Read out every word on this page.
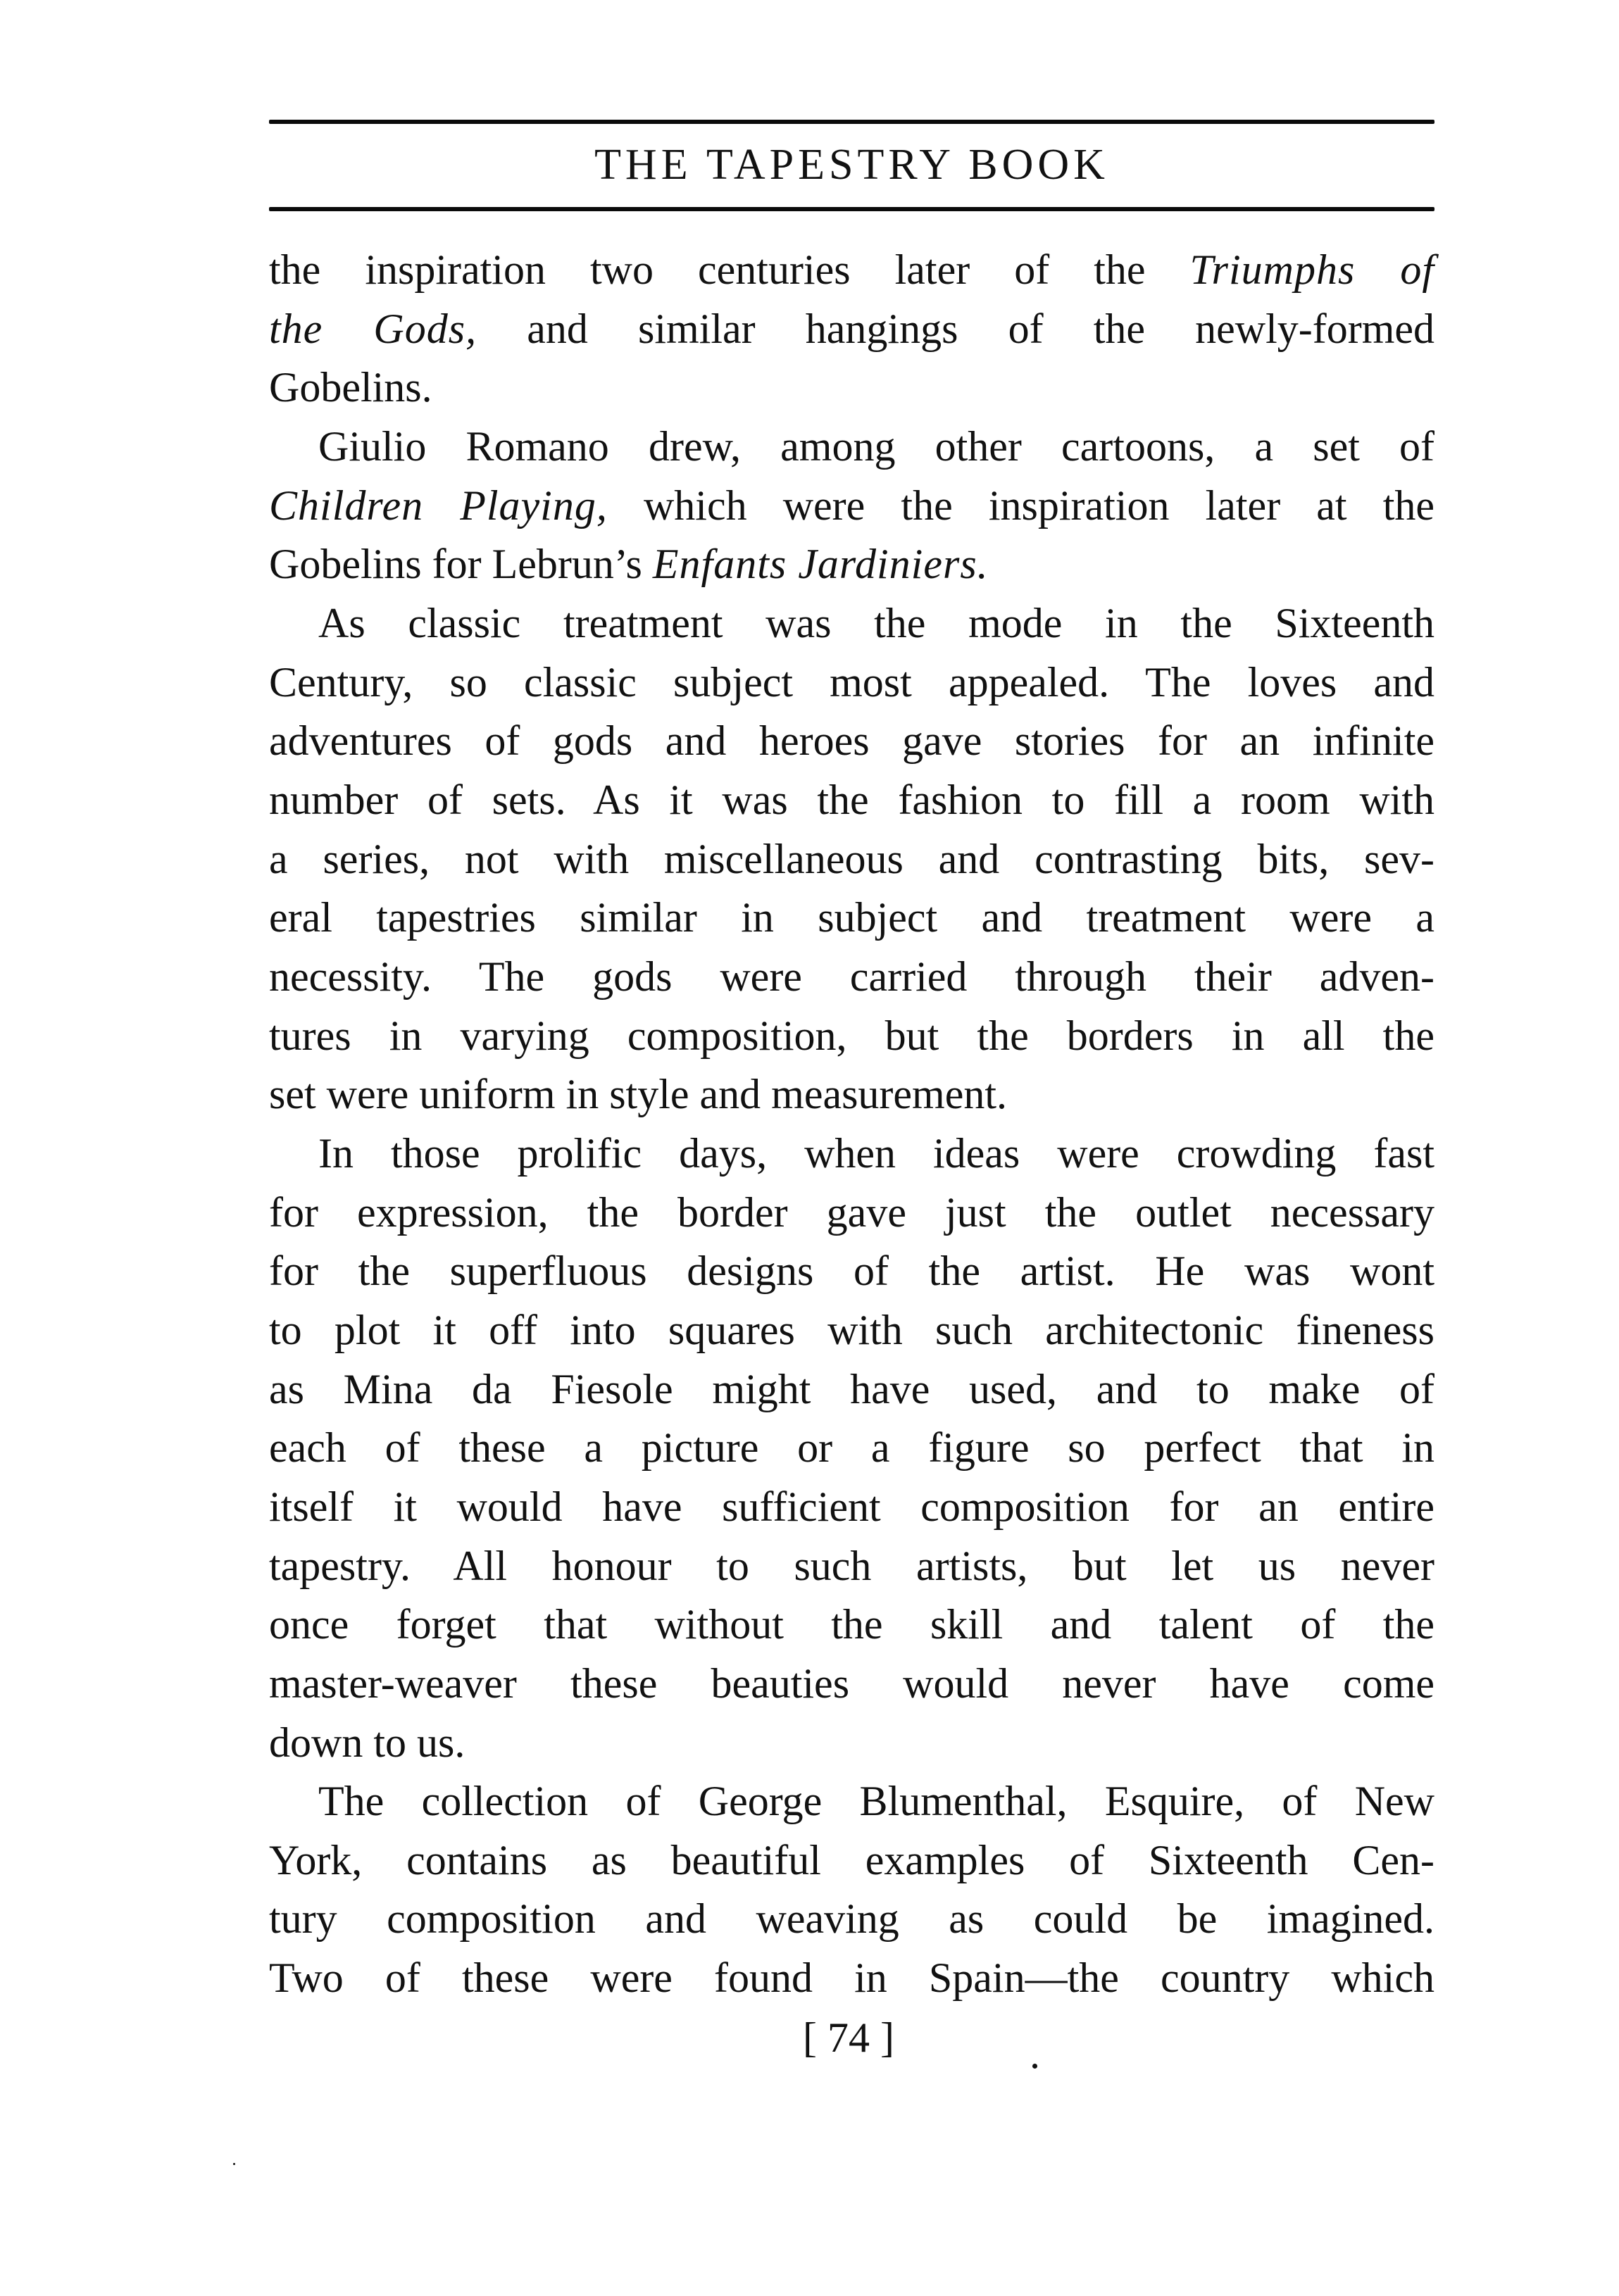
THE TAPESTRY BOOK
the inspiration two centuries later of the Triumphs of
the Gods, and similar hangings of the newly-formed
Gobelins.
Giulio Romano drew, among other cartoons, a set of
Children Playing, which were the inspiration later at the
Gobelins for Lebrun’s Enfants Jardiniers.
As classic treatment was the mode in the Sixteenth
Century, so classic subject most appealed. The loves and
adventures of gods and heroes gave stories for an infinite
number of sets. As it was the fashion to fill a room with
a series, not with miscellaneous and contrasting bits, sev-
eral tapestries similar in subject and treatment were a
necessity. The gods were carried through their adven-
tures in varying composition, but the borders in all the
set were uniform in style and measurement.
In those prolific days, when ideas were crowding fast
for expression, the border gave just the outlet necessary
for the superfluous designs of the artist. He was wont
to plot it off into squares with such architectonic fineness
as Mina da Fiesole might have used, and to make of
each of these a picture or a figure so perfect that in
itself it would have sufficient composition for an entire
tapestry. All honour to such artists, but let us never
once forget that without the skill and talent of the
master-weaver these beauties would never have come
down to us.
The collection of George Blumenthal, Esquire, of New
York, contains as beautiful examples of Sixteenth Cen-
tury composition and weaving as could be imagined.
Two of these were found in Spain—the country which
[ 74 ]
